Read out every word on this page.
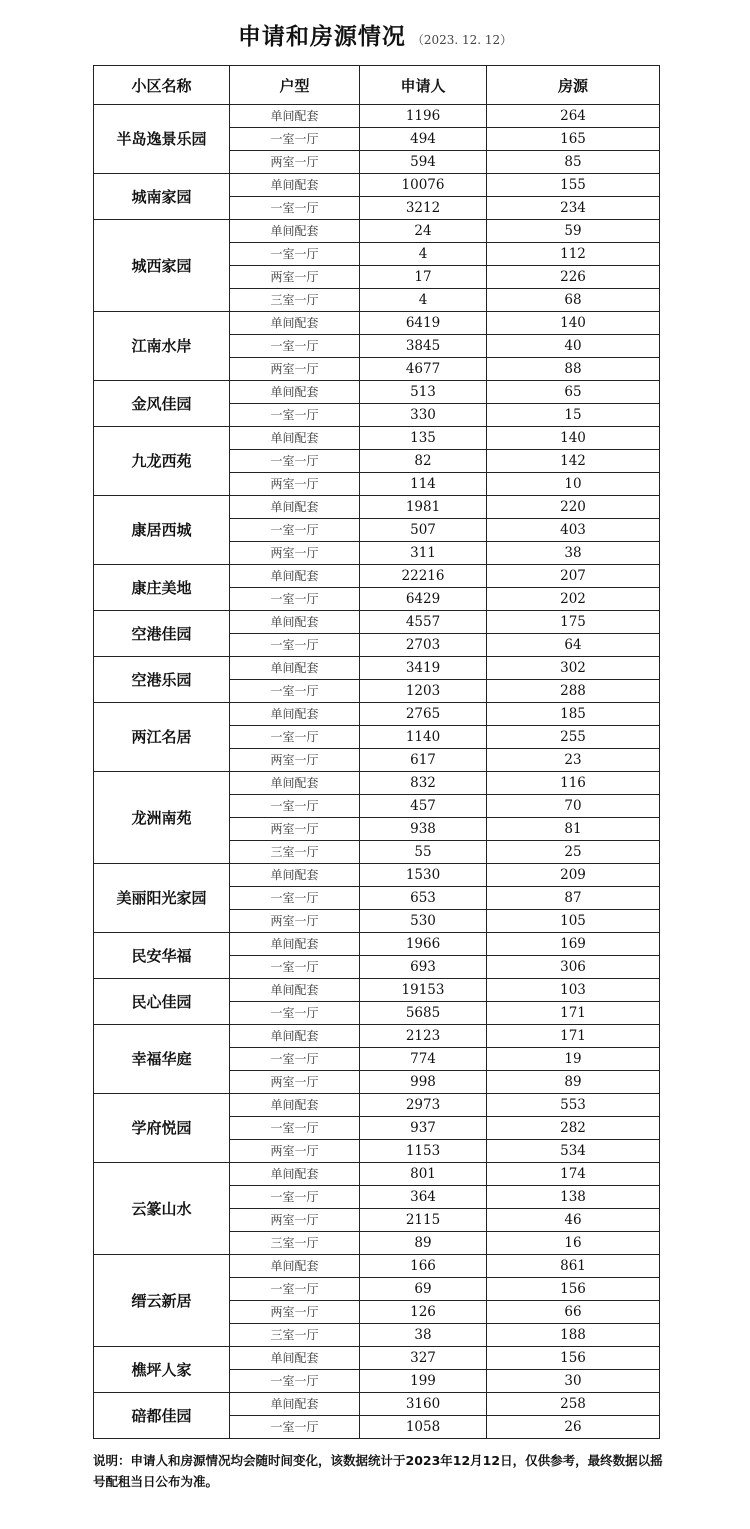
申请和房源情况 （2023. 12. 12）
小区名称	户型	申请人	房源
半岛逸景乐园	单间配套	1196	264
	一室一厅	494	165
	两室一厅	594	85
城南家园	单间配套	10076	155
	一室一厅	3212	234
城西家园	单间配套	24	59
	一室一厅	4	112
	两室一厅	17	226
	三室一厅	4	68
江南水岸	单间配套	6419	140
	一室一厅	3845	40
	两室一厅	4677	88
金风佳园	单间配套	513	65
	一室一厅	330	15
九龙西苑	单间配套	135	140
	一室一厅	82	142
	两室一厅	114	10
康居西城	单间配套	1981	220
	一室一厅	507	403
	两室一厅	311	38
康庄美地	单间配套	22216	207
	一室一厅	6429	202
空港佳园	单间配套	4557	175
	一室一厅	2703	64
空港乐园	单间配套	3419	302
	一室一厅	1203	288
两江名居	单间配套	2765	185
	一室一厅	1140	255
	两室一厅	617	23
龙洲南苑	单间配套	832	116
	一室一厅	457	70
	两室一厅	938	81
	三室一厅	55	25
美丽阳光家园	单间配套	1530	209
	一室一厅	653	87
	两室一厅	530	105
民安华福	单间配套	1966	169
	一室一厅	693	306
民心佳园	单间配套	19153	103
	一室一厅	5685	171
幸福华庭	单间配套	2123	171
	一室一厅	774	19
	两室一厅	998	89
学府悦园	单间配套	2973	553
	一室一厅	937	282
	两室一厅	1153	534
云篆山水	单间配套	801	174
	一室一厅	364	138
	两室一厅	2115	46
	三室一厅	89	16
缙云新居	单间配套	166	861
	一室一厅	69	156
	两室一厅	126	66
	三室一厅	38	188
樵坪人家	单间配套	327	156
	一室一厅	199	30
碚都佳园	单间配套	3160	258
	一室一厅	1058	26
说明：申请人和房源情况均会随时间变化，该数据统计于2023年12月12日，仅供参考，最终数据以摇号配租当日公布为准。
